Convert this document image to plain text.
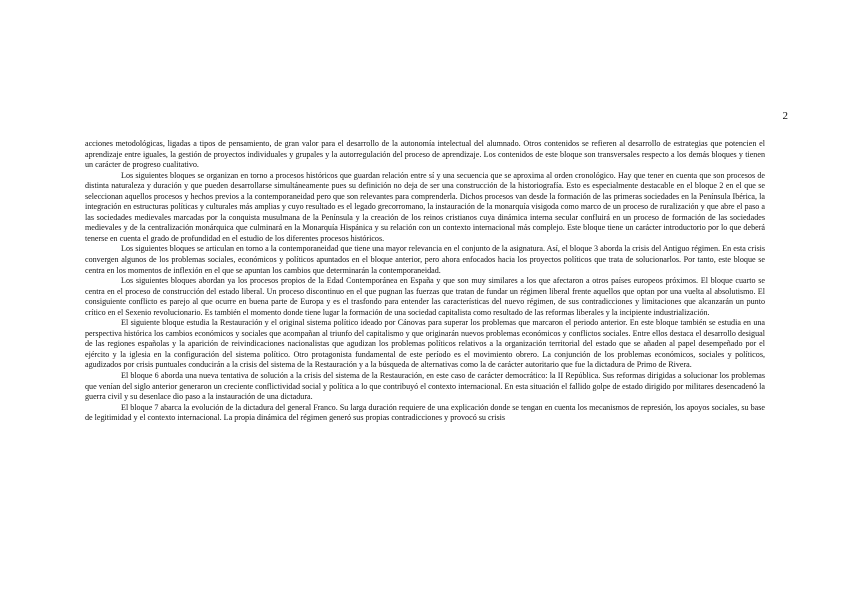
2

acciones metodológicas, ligadas a tipos de pensamiento, de gran valor para el desarrollo de la autonomía intelectual del alumnado. Otros contenidos se refieren al desarrollo de estrategias que potencien el aprendizaje entre iguales, la gestión de proyectos individuales y grupales y la autorregulación del proceso de aprendizaje. Los contenidos de este bloque son transversales respecto a los demás bloques y tienen un carácter de progreso cualitativo.

Los siguientes bloques se organizan en torno a procesos históricos que guardan relación entre sí y una secuencia que se aproxima al orden cronológico. Hay que tener en cuenta que son procesos de distinta naturaleza y duración y que pueden desarrollarse simultáneamente pues su definición no deja de ser una construcción de la historiografía. Esto es especialmente destacable en el bloque 2 en el que se seleccionan aquellos procesos y hechos previos a la contemporaneidad pero que son relevantes para comprenderla. Dichos procesos van desde la formación de las primeras sociedades en la Península Ibérica, la integración en estructuras políticas y culturales más amplias y cuyo resultado es el legado grecorromano, la instauración de la monarquía visigoda como marco de un proceso de ruralización y que abre el paso a las sociedades medievales marcadas por la conquista musulmana de la Península y la creación de los reinos cristianos cuya dinámica interna secular confluirá en un proceso de formación de las sociedades medievales y de la centralización monárquica que culminará en la Monarquía Hispánica y su relación con un contexto internacional más complejo. Este bloque tiene un carácter introductorio por lo que deberá tenerse en cuenta el grado de profundidad en el estudio de los diferentes procesos históricos.

Los siguientes bloques se articulan en torno a la contemporaneidad que tiene una mayor relevancia en el conjunto de la asignatura. Así, el bloque 3 aborda la crisis del Antiguo régimen. En esta crisis convergen algunos de los problemas sociales, económicos y políticos apuntados en el bloque anterior, pero ahora enfocados hacia los proyectos políticos que trata de solucionarlos. Por tanto, este bloque se centra en los momentos de inflexión en el que se apuntan los cambios que determinarán la contemporaneidad.

Los siguientes bloques abordan ya los procesos propios de la Edad Contemporánea en España y que son muy similares a los que afectaron a otros países europeos próximos. El bloque cuarto se centra en el proceso de construcción del estado liberal. Un proceso discontinuo en el que pugnan las fuerzas que tratan de fundar un régimen liberal frente aquellos que optan por una vuelta al absolutismo. El consiguiente conflicto es parejo al que ocurre en buena parte de Europa y es el trasfondo para entender las características del nuevo régimen, de sus contradicciones y limitaciones que alcanzarán un punto crítico en el Sexenio revolucionario. Es también el momento donde tiene lugar la formación de una sociedad capitalista como resultado de las reformas liberales y la incipiente industrialización.

El siguiente bloque estudia la Restauración y el original sistema político ideado por Cánovas para superar los problemas que marcaron el periodo anterior. En este bloque también se estudia en una perspectiva histórica los cambios económicos y sociales que acompañan al triunfo del capitalismo y que originarán nuevos problemas económicos y conflictos sociales. Entre ellos destaca el desarrollo desigual de las regiones españolas y la aparición de reivindicaciones nacionalistas que agudizan los problemas políticos relativos a la organización territorial del estado que se añaden al papel desempeñado por el ejército y la iglesia en la configuración del sistema político. Otro protagonista fundamental de este período es el movimiento obrero. La conjunción de los problemas económicos, sociales y políticos, agudizados por crisis puntuales conducirán a la crisis del sistema de la Restauración y a la búsqueda de alternativas como la de carácter autoritario que fue la dictadura de Primo de Rivera.

El bloque 6 aborda una nueva tentativa de solución a la crisis del sistema de la Restauración, en este caso de carácter democrático: la II República. Sus reformas dirigidas a solucionar los problemas que venían del siglo anterior generaron un creciente conflictividad social y política a lo que contribuyó el contexto internacional. En esta situación el fallido golpe de estado dirigido por militares desencadenó la guerra civil y su desenlace dio paso a la instauración de una dictadura.

El bloque 7 abarca la evolución de la dictadura del general Franco. Su larga duración requiere de una explicación donde se tengan en cuenta los mecanismos de represión, los apoyos sociales, su base de legitimidad y el contexto internacional. La propia dinámica del régimen generó sus propias contradicciones y provocó su crisis
